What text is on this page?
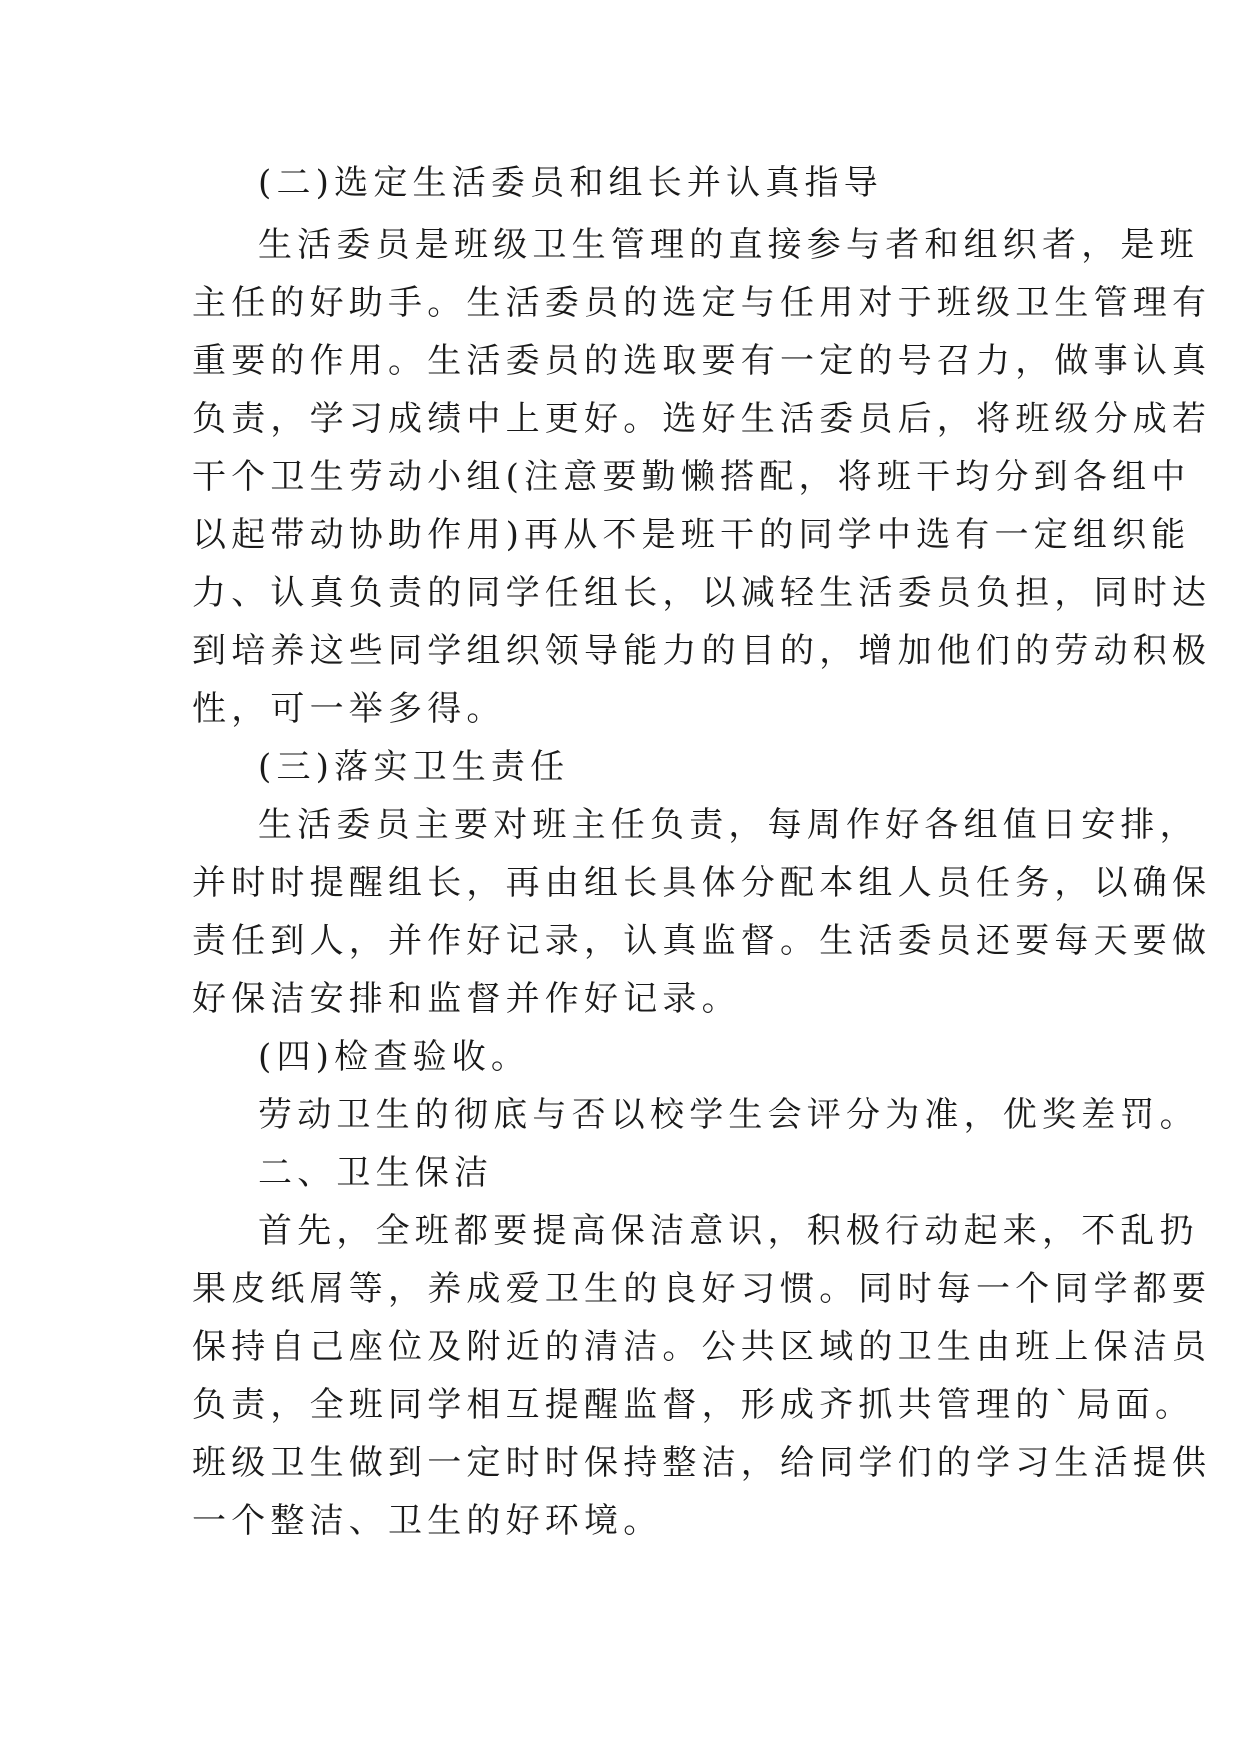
(二)选定生活委员和组长并认真指导
生活委员是班级卫生管理的直接参与者和组织者，是班
主任的好助手。生活委员的选定与任用对于班级卫生管理有
重要的作用。生活委员的选取要有一定的号召力，做事认真
负责，学习成绩中上更好。选好生活委员后，将班级分成若
干个卫生劳动小组(注意要勤懒搭配，将班干均分到各组中
以起带动协助作用)再从不是班干的同学中选有一定组织能
力、认真负责的同学任组长，以减轻生活委员负担，同时达
到培养这些同学组织领导能力的目的，增加他们的劳动积极
性，可一举多得。
(三)落实卫生责任
生活委员主要对班主任负责，每周作好各组值日安排，
并时时提醒组长，再由组长具体分配本组人员任务，以确保
责任到人，并作好记录，认真监督。生活委员还要每天要做
好保洁安排和监督并作好记录。
(四)检查验收。
劳动卫生的彻底与否以校学生会评分为准，优奖差罚。
二、卫生保洁
首先，全班都要提高保洁意识，积极行动起来，不乱扔
果皮纸屑等，养成爱卫生的良好习惯。同时每一个同学都要
保持自己座位及附近的清洁。公共区域的卫生由班上保洁员
负责，全班同学相互提醒监督，形成齐抓共管理的`局面。
班级卫生做到一定时时保持整洁，给同学们的学习生活提供
一个整洁、卫生的好环境。
